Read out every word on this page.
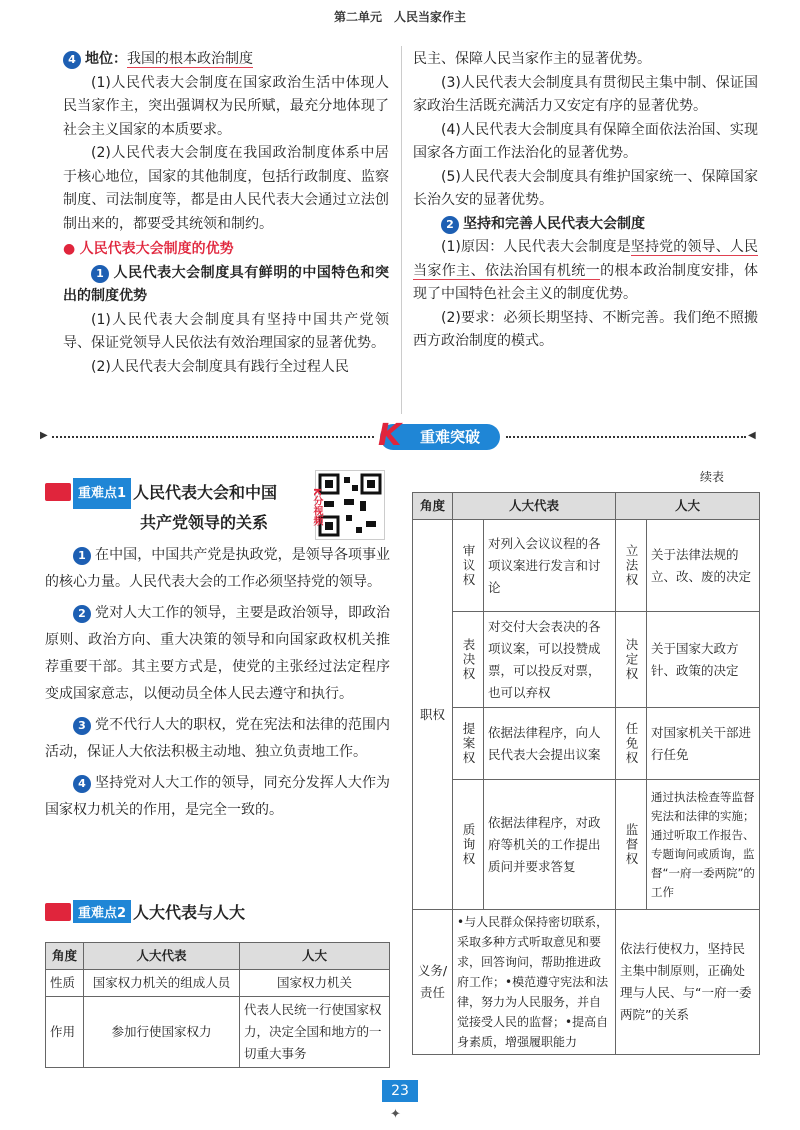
第二单元　人民当家作主
4 地位：我国的根本政治制度

(1)人民代表大会制度在国家政治生活中体现人民当家作主，突出强调权为民所赋，最充分地体现了社会主义国家的本质要求。

(2)人民代表大会制度在我国政治制度体系中居于核心地位，国家的其他制度，包括行政制度、监察制度、司法制度等，都是由人民代表大会通过立法创制出来的，都要受其统领和制约。

● 人民代表大会制度的优势

1 人民代表大会制度具有鲜明的中国特色和突出的制度优势

(1)人民代表大会制度具有坚持中国共产党领导、保证党领导人民依法有效治理国家的显著优势。

(2)人民代表大会制度具有践行全过程人民

民主、保障人民当家作主的显著优势。

(3)人民代表大会制度具有贯彻民主集中制、保证国家政治生活既充满活力又安定有序的显著优势。

(4)人民代表大会制度具有保障全面依法治国、实现国家各方面工作法治化的显著优势。

(5)人民代表大会制度具有维护国家统一、保障国家长治久安的显著优势。

2 坚持和完善人民代表大会制度

(1)原因：人民代表大会制度是坚持党的领导、人民当家作主、依法治国有机统一的根本政治制度安排，体现了中国特色社会主义的制度优势。

(2)要求：必须长期坚持、不断完善。我们绝不照搬西方政治制度的模式。

▶	重难突破
K	◀
重难点1 人民代表大会和中国
共产党领导的关系

1 在中国，中国共产党是执政党，是领导各项事业的核心力量。人民代表大会的工作必须坚持党的领导。

2 党对人大工作的领导，主要是政治领导，即政治原则、政治方向、重大决策的领导和向国家政权机关推荐重要干部。其主要方式是，使党的主张经过法定程序变成国家意志，以便动员全体人民去遵守和执行。

3 党不代行人大的职权，党在宪法和法律的范围内活动，保证人大依法积极主动地、独立负责地工作。

4 坚持党对人大工作的领导，同充分发挥人大作为国家权力机关的作用，是完全一致的。

K分视频
重难点2 人大代表与人大
角度	人大代表	人大
性质	国家权力机关的组成人员	国家权力机关
作用	参加行使国家权力	代表人民统一行使国家权力，决定全国和地方的一切重大事务
续表
角度	人大代表		人大	
职权	审议权	对列入会议议程的各项议案进行发言和讨论	立法权	关于法律法规的立、改、废的决定
	表决权	对交付大会表决的各项议案，可以投赞成票，可以投反对票，也可以弃权	决定权	关于国家大政方针、政策的决定
	提案权	依据法律程序，向人民代表大会提出议案	任免权	对国家机关干部进行任免
	质询权	依据法律程序，对政府等机关的工作提出质问并要求答复	监督权	通过执法检查等监督宪法和法律的实施；通过听取工作报告、专题询问或质询，监督“一府一委两院”的工作
义务/责任	•与人民群众保持密切联系，采取多种方式听取意见和要求，回答询问，帮助推进政府工作；•模范遵守宪法和法律，努力为人民服务，并自觉接受人民的监督；•提高自身素质，增强履职能力		依法行使权力，坚持民主集中制原则，正确处理与人民、与“一府一委两院”的关系	
23
✦
